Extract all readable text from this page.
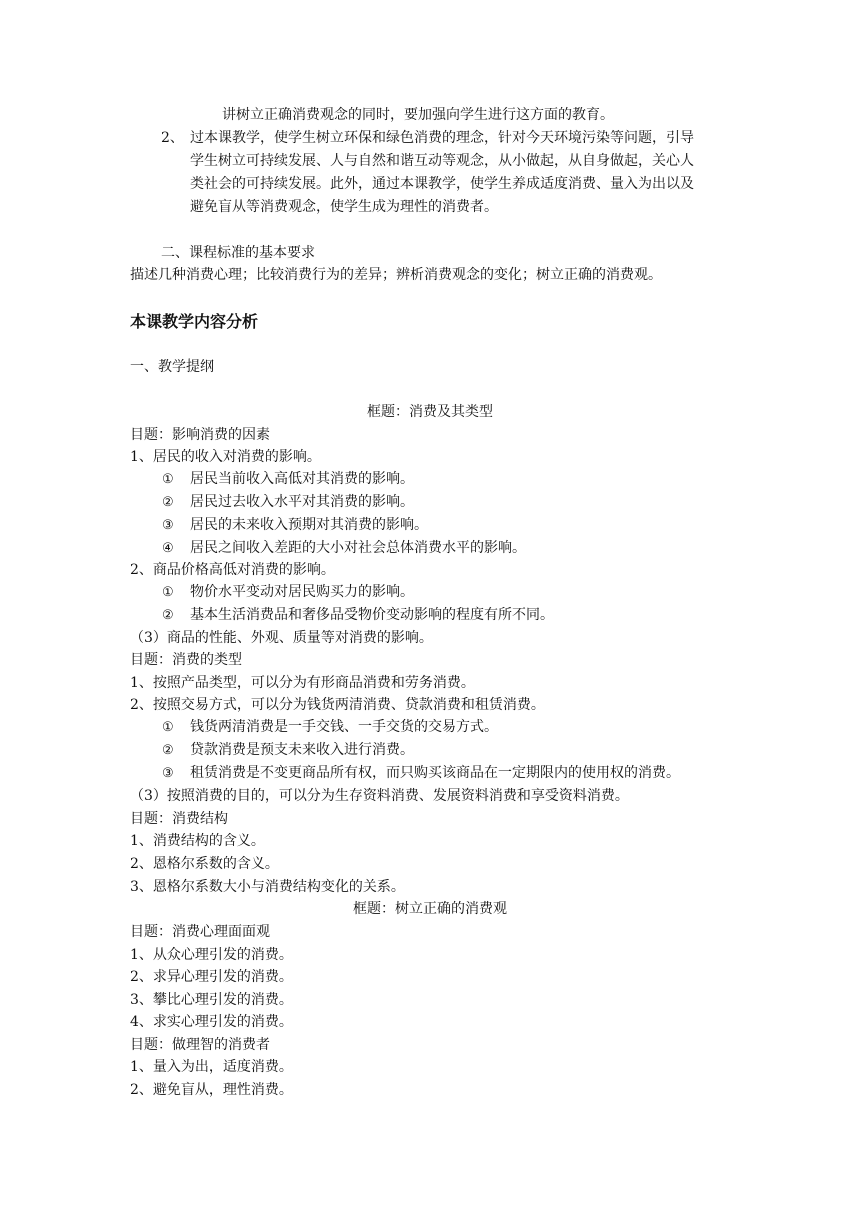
讲树立正确消费观念的同时，要加强向学生进行这方面的教育。
2、 过本课教学，使学生树立环保和绿色消费的理念，针对今天环境污染等问题，引导
学生树立可持续发展、人与自然和谐互动等观念，从小做起，从自身做起，关心人
类社会的可持续发展。此外，通过本课教学，使学生养成适度消费、量入为出以及
避免盲从等消费观念，使学生成为理性的消费者。
二、课程标准的基本要求
描述几种消费心理；比较消费行为的差异；辨析消费观念的变化；树立正确的消费观。
本课教学内容分析
一、教学提纲
框题：消费及其类型
目题：影响消费的因素
1、居民的收入对消费的影响。
① 居民当前收入高低对其消费的影响。
② 居民过去收入水平对其消费的影响。
③ 居民的未来收入预期对其消费的影响。
④ 居民之间收入差距的大小对社会总体消费水平的影响。
2、商品价格高低对消费的影响。
① 物价水平变动对居民购买力的影响。
② 基本生活消费品和奢侈品受物价变动影响的程度有所不同。
（3）商品的性能、外观、质量等对消费的影响。
目题：消费的类型
1、按照产品类型，可以分为有形商品消费和劳务消费。
2、按照交易方式，可以分为钱货两清消费、贷款消费和租赁消费。
① 钱货两清消费是一手交钱、一手交货的交易方式。
② 贷款消费是预支未来收入进行消费。
③ 租赁消费是不变更商品所有权，而只购买该商品在一定期限内的使用权的消费。
（3）按照消费的目的，可以分为生存资料消费、发展资料消费和享受资料消费。
目题：消费结构
1、消费结构的含义。
2、恩格尔系数的含义。
3、恩格尔系数大小与消费结构变化的关系。
框题：树立正确的消费观
目题：消费心理面面观
1、从众心理引发的消费。
2、求异心理引发的消费。
3、攀比心理引发的消费。
4、求实心理引发的消费。
目题：做理智的消费者
1、量入为出，适度消费。
2、避免盲从，理性消费。
